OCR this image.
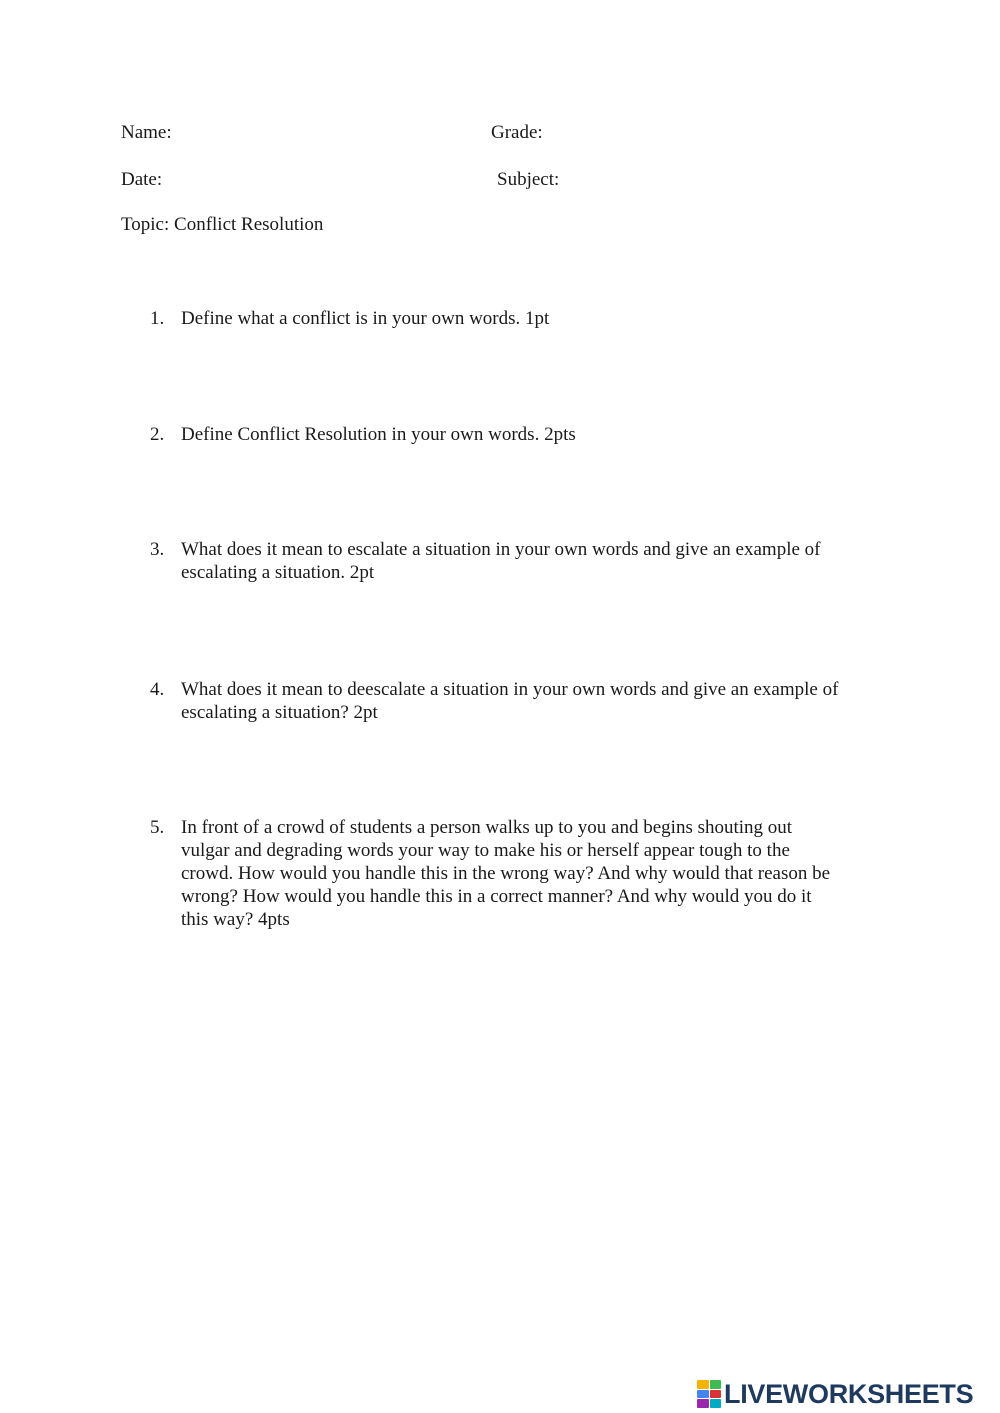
Name:	Grade:
Date:	Subject:
Topic: Conflict Resolution
1. Define what a conflict is in your own words. 1pt
2. Define Conflict Resolution in your own words. 2pts
3. What does it mean to escalate a situation in your own words and give an example of
escalating a situation. 2pt
4. What does it mean to deescalate a situation in your own words and give an example of
escalating a situation? 2pt
5. In front of a crowd of students a person walks up to you and begins shouting out
vulgar and degrading words your way to make his or herself appear tough to the
crowd. How would you handle this in the wrong way? And why would that reason be
wrong? How would you handle this in a correct manner? And why would you do it
this way? 4pts
LIVEWORKSHEETS
